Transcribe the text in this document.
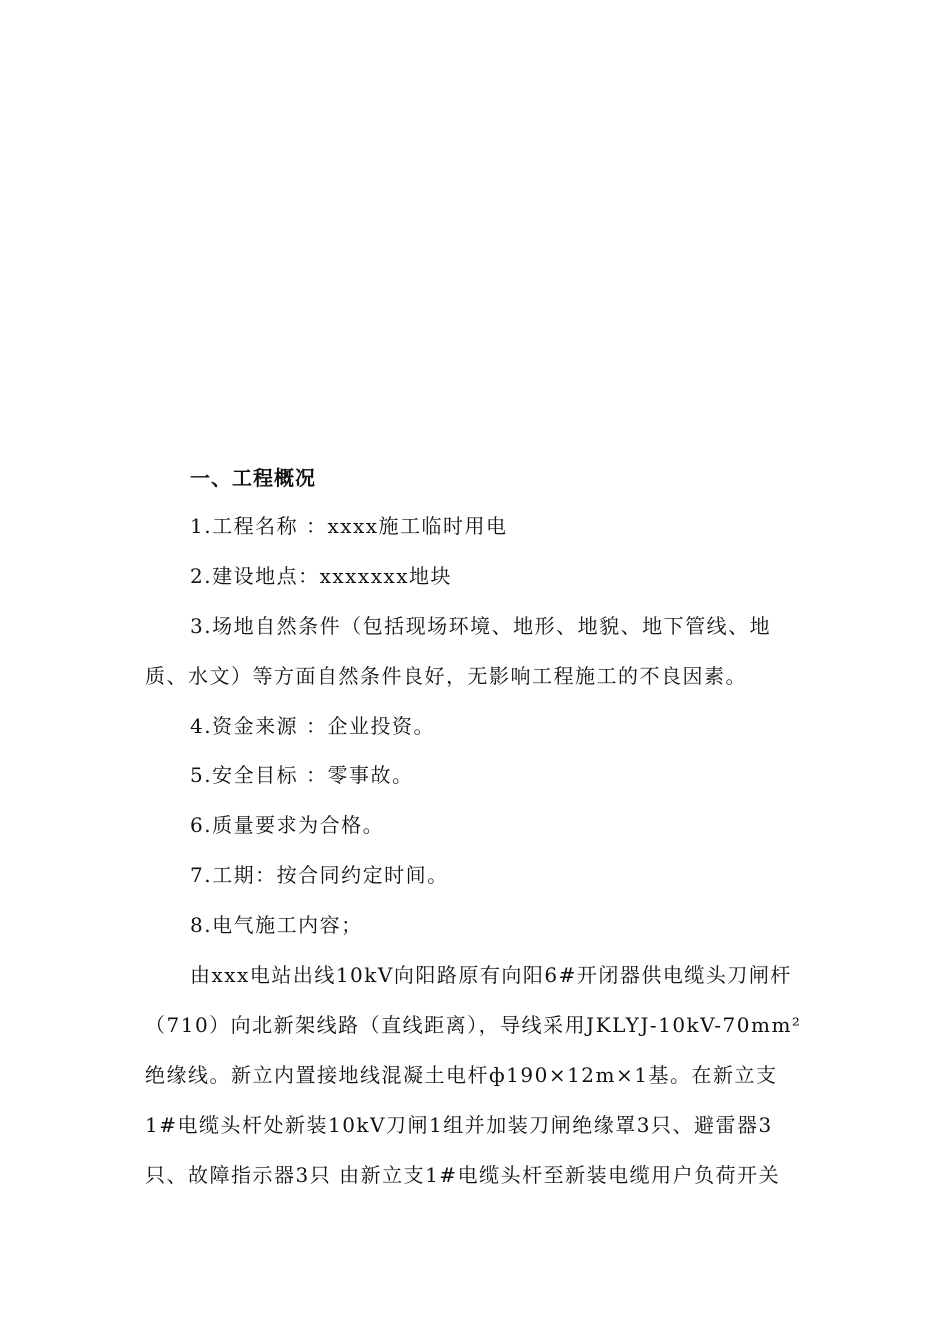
一、工程概况
1.工程名称 ：xxxx施工临时用电
2.建设地点：xxxxxxx地块
3.场地自然条件（包括现场环境、地形、地貌、地下管线、地
质、水文）等方面自然条件良好，无影响工程施工的不良因素。
4.资金来源 ：企业投资。
5.安全目标 ：零事故。
6.质量要求为合格。
7.工期：按合同约定时间。
8.电气施工内容；
由xxx电站出线10kV向阳路原有向阳6#开闭器供电缆头刀闸杆
（710）向北新架线路（直线距离），导线采用JKLYJ-10kV-70mm²
绝缘线。新立内置接地线混凝土电杆ф190×12m×1基。在新立支
1#电缆头杆处新装10kV刀闸1组并加装刀闸绝缘罩3只、避雷器3
只、故障指示器3只 由新立支1#电缆头杆至新装电缆用户负荷开关
